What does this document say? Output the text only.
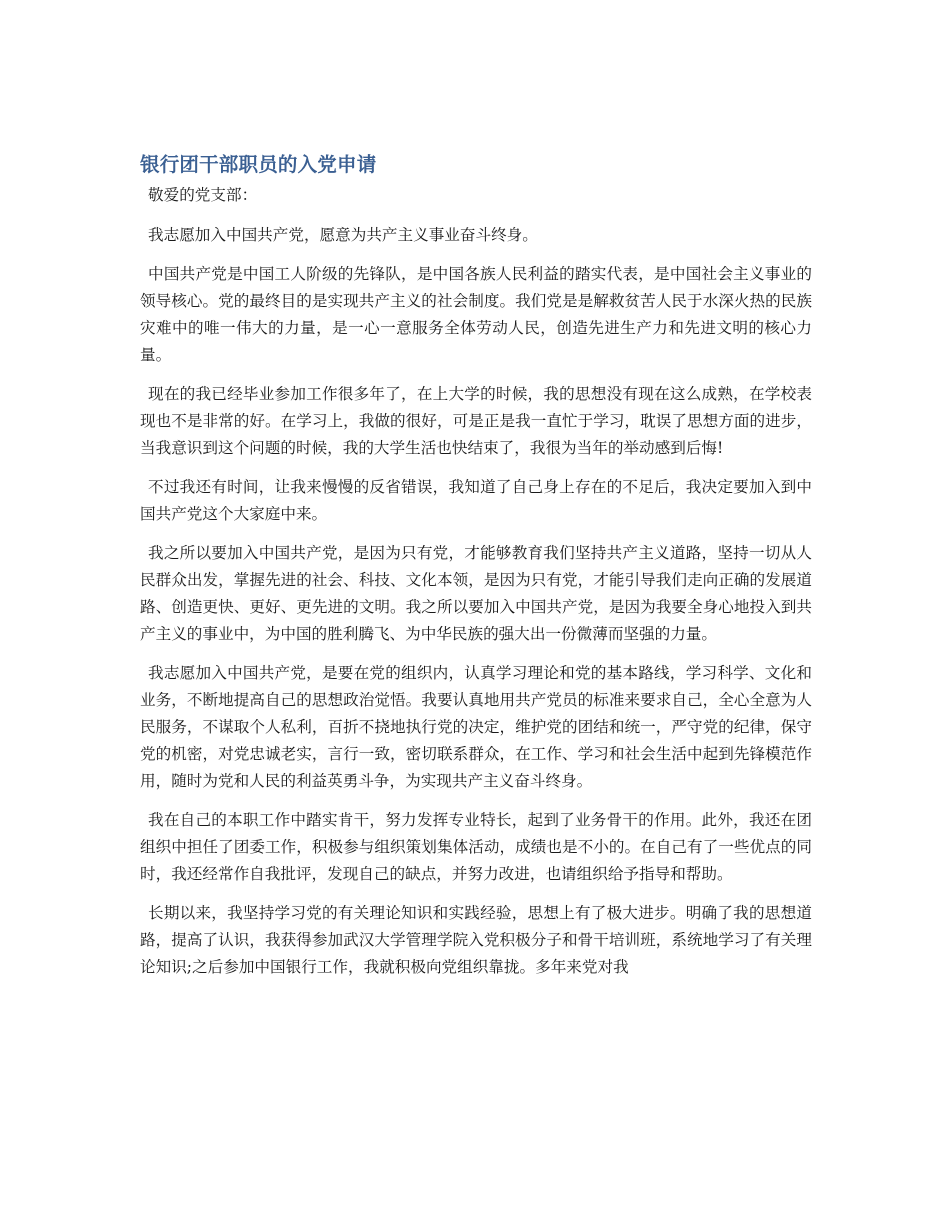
银行团干部职员的入党申请

敬爱的党支部：

我志愿加入中国共产党，愿意为共产主义事业奋斗终身。

中国共产党是中国工人阶级的先锋队，是中国各族人民利益的踏实代表，是中国社会主义事业的领导核心。党的最终目的是实现共产主义的社会制度。我们党是是解救贫苦人民于水深火热的民族灾难中的唯一伟大的力量，是一心一意服务全体劳动人民，创造先进生产力和先进文明的核心力量。

现在的我已经毕业参加工作很多年了，在上大学的时候，我的思想没有现在这么成熟，在学校表现也不是非常的好。在学习上，我做的很好，可是正是我一直忙于学习，耽误了思想方面的进步，当我意识到这个问题的时候，我的大学生活也快结束了，我很为当年的举动感到后悔!

不过我还有时间，让我来慢慢的反省错误，我知道了自己身上存在的不足后，我决定要加入到中国共产党这个大家庭中来。

我之所以要加入中国共产党，是因为只有党，才能够教育我们坚持共产主义道路，坚持一切从人民群众出发，掌握先进的社会、科技、文化本领，是因为只有党，才能引导我们走向正确的发展道路、创造更快、更好、更先进的文明。我之所以要加入中国共产党，是因为我要全身心地投入到共产主义的事业中，为中国的胜利腾飞、为中华民族的强大出一份微薄而坚强的力量。

我志愿加入中国共产党，是要在党的组织内，认真学习理论和党的基本路线，学习科学、文化和业务，不断地提高自己的思想政治觉悟。我要认真地用共产党员的标准来要求自己，全心全意为人民服务，不谋取个人私利，百折不挠地执行党的决定，维护党的团结和统一，严守党的纪律，保守党的机密，对党忠诚老实，言行一致，密切联系群众，在工作、学习和社会生活中起到先锋模范作用，随时为党和人民的利益英勇斗争，为实现共产主义奋斗终身。

我在自己的本职工作中踏实肯干，努力发挥专业特长，起到了业务骨干的作用。此外，我还在团组织中担任了团委工作，积极参与组织策划集体活动，成绩也是不小的。在自己有了一些优点的同时，我还经常作自我批评，发现自己的缺点，并努力改进，也请组织给予指导和帮助。

长期以来，我坚持学习党的有关理论知识和实践经验，思想上有了极大进步。明确了我的思想道路，提高了认识，我获得参加武汉大学管理学院入党积极分子和骨干培训班，系统地学习了有关理论知识;之后参加中国银行工作，我就积极向党组织靠拢。多年来党对我
